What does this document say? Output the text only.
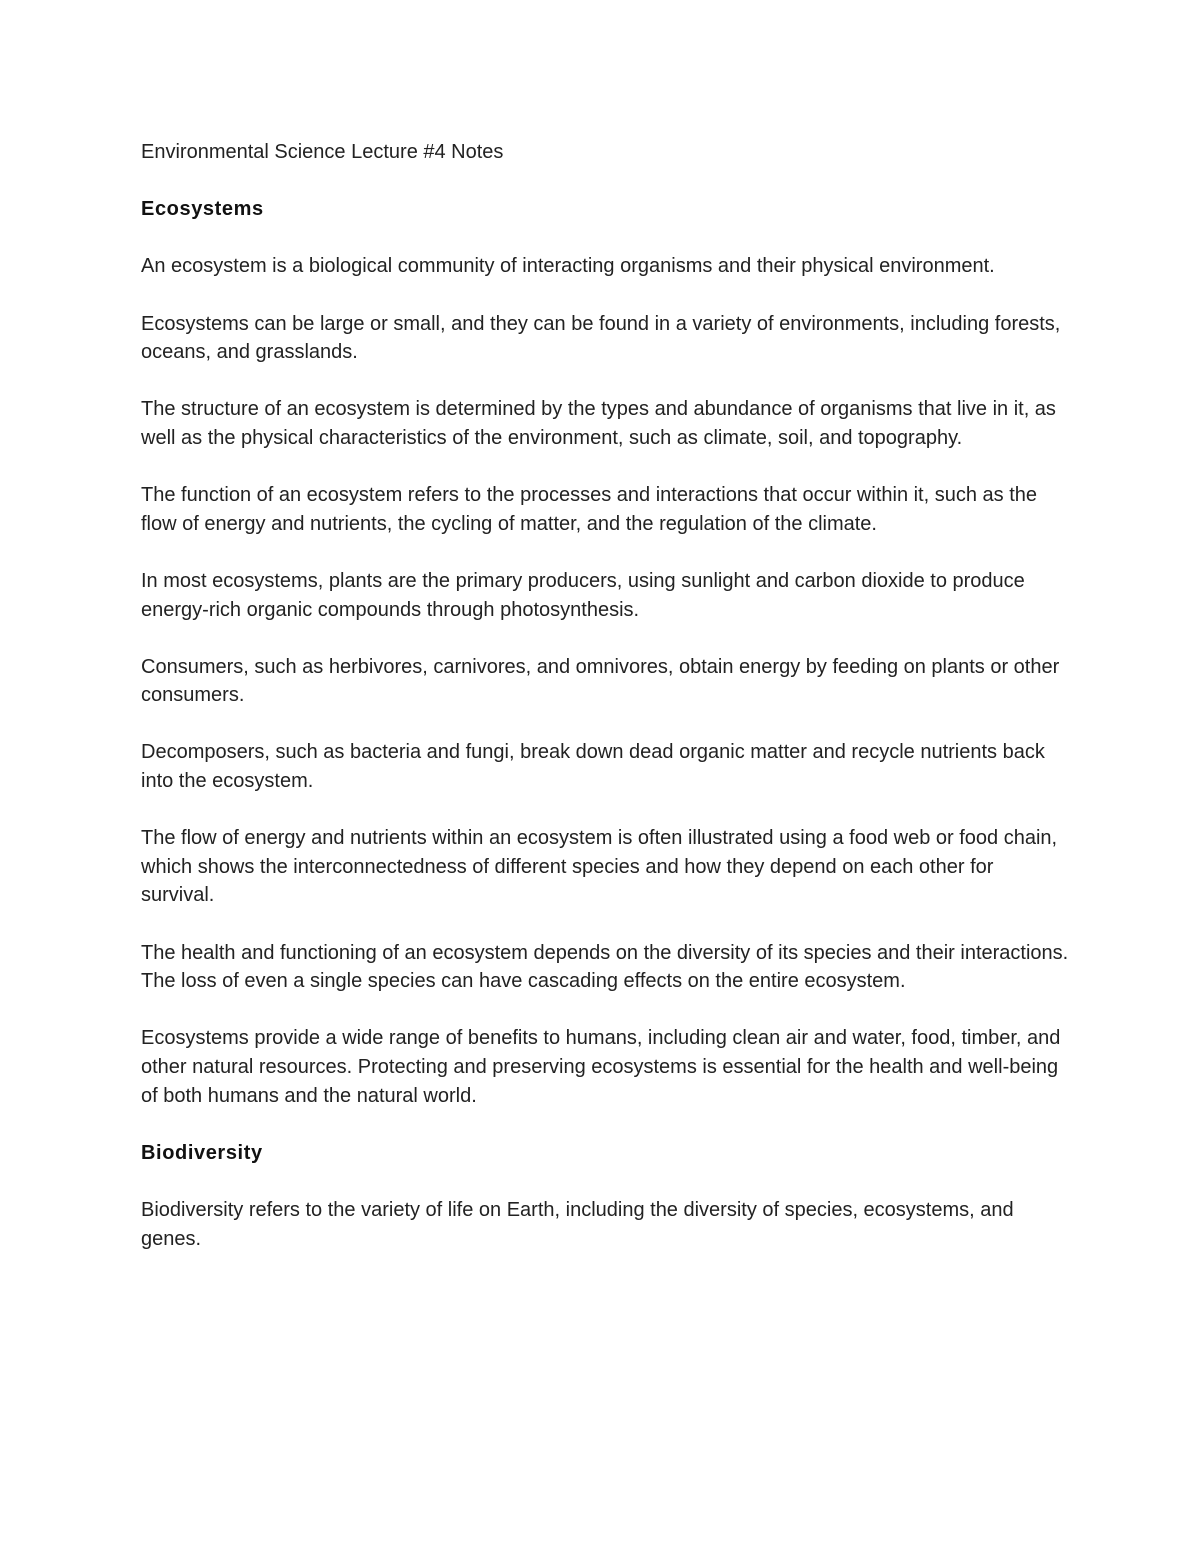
Environmental Science Lecture #4 Notes

Ecosystems

An ecosystem is a biological community of interacting organisms and their physical environment.

Ecosystems can be large or small, and they can be found in a variety of environments, including forests, oceans, and grasslands.

The structure of an ecosystem is determined by the types and abundance of organisms that live in it, as well as the physical characteristics of the environment, such as climate, soil, and topography.

The function of an ecosystem refers to the processes and interactions that occur within it, such as the flow of energy and nutrients, the cycling of matter, and the regulation of the climate.

In most ecosystems, plants are the primary producers, using sunlight and carbon dioxide to produce energy-rich organic compounds through photosynthesis.

Consumers, such as herbivores, carnivores, and omnivores, obtain energy by feeding on plants or other consumers.

Decomposers, such as bacteria and fungi, break down dead organic matter and recycle nutrients back into the ecosystem.

The flow of energy and nutrients within an ecosystem is often illustrated using a food web or food chain, which shows the interconnectedness of different species and how they depend on each other for survival.

The health and functioning of an ecosystem depends on the diversity of its species and their interactions. The loss of even a single species can have cascading effects on the entire ecosystem.

Ecosystems provide a wide range of benefits to humans, including clean air and water, food, timber, and other natural resources. Protecting and preserving ecosystems is essential for the health and well-being of both humans and the natural world.

Biodiversity

Biodiversity refers to the variety of life on Earth, including the diversity of species, ecosystems, and genes.
